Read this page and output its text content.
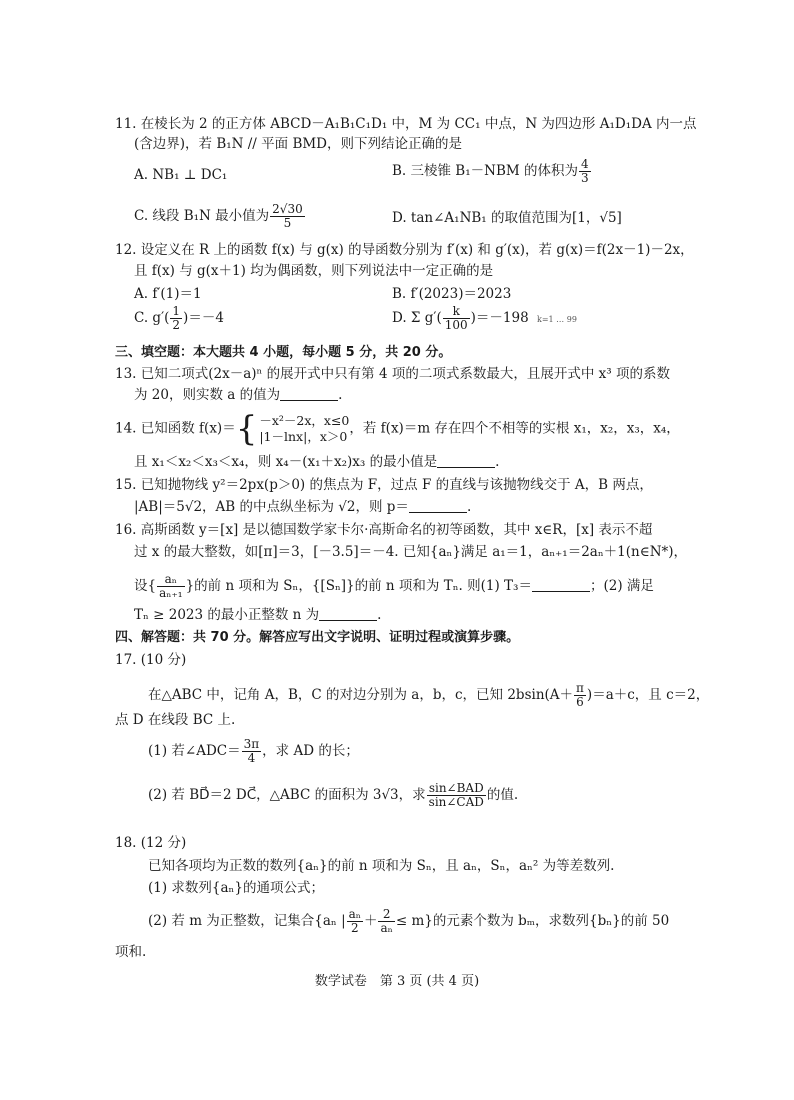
11. 在棱长为 2 的正方体 ABCD－A₁B₁C₁D₁ 中，M 为 CC₁ 中点，N 为四边形 A₁D₁DA 内一点
(含边界)，若 B₁N // 平面 BMD，则下列结论正确的是
A. NB₁ ⊥ DC₁	B. 三棱锥 B₁－NBM 的体积为 $\frac{4}{3}$
C. 线段 B₁N 最小值为 $\frac{2√30}{5}$	D. tan∠A₁NB₁ 的取值范围为[1，√5]
12. 设定义在 R 上的函数 f(x) 与 g(x) 的导函数分别为 f′(x) 和 g′(x)，若 g(x)＝f(2x－1)－2x，
且 f(x) 与 g(x＋1) 均为偶函数，则下列说法中一定正确的是
A. f′(1)＝1	B. f′(2023)＝2023
C. $g'( \frac{1}{2} )=-4$	D. Σ $g'( \frac{k}{100} )=-198$ k=1 … 99
三、填空题：本大题共 4 小题，每小题 5 分，共 20 分。
13. 已知二项式(2x－a)ⁿ 的展开式中只有第 4 项的二项式系数最大，且展开式中 x³ 项的系数
为 20，则实数 a 的值为	.
14. 已知函数 f(x)＝{ －x²－2x，x≤0
|1－lnx|，x＞0 ，若 f(x)＝m 存在四个不相等的实根 x₁，x₂，x₃，x₄，
且 x₁＜x₂＜x₃＜x₄，则 x₄－(x₁＋x₂)x₃ 的最小值是	.
15. 已知抛物线 y²＝2px(p＞0) 的焦点为 F，过点 F 的直线与该抛物线交于 A，B 两点，
|AB|＝5√2，AB 的中点纵坐标为 √2，则 p＝	.
16. 高斯函数 y＝[x] 是以德国数学家卡尔·高斯命名的初等函数，其中 x∈R，[x] 表示不超
过 x 的最大整数，如[π]＝3，[－3.5]＝－4. 已知{aₙ}满足 a₁＝1，aₙ₊₁＝2aₙ＋1(n∈N*)，
设{ $\frac{\text{aₙ}}{\text{aₙ₊₁}}$ }的前 n 项和为 Sₙ，{[Sₙ]}的前 n 项和为 Tₙ. 则(1) T₃＝	；(2) 满足
Tₙ ≥ 2023 的最小正整数 n 为	.
四、解答题：共 70 分。解答应写出文字说明、证明过程或演算步骤。
17. (10 分)
在△ABC 中，记角 A，B，C 的对边分别为 a，b，c，已知 $2bsin(A+ \frac{\pi}{6} )=a+c$，且 c＝2，
点 D 在线段 BC 上.
(1) 若∠ADC＝ $\frac{3\pi}{4}$ ，求 AD 的长；
(2) 若 BD⃗＝2 DC⃗，△ABC 的面积为 3√3，求 $\frac{\text{sin∠BAD}}{\text{sin∠CAD}}$ 的值.
18. (12 分)
已知各项均为正数的数列{aₙ}的前 n 项和为 Sₙ，且 aₙ，Sₙ，aₙ² 为等差数列.
(1) 求数列{aₙ}的通项公式；
(2) 若 m 为正整数，记集合{aₙ | $\frac{\text{aₙ}}{2} + \frac{2}{\text{aₙ}} \le m$}的元素个数为 bₘ，求数列{bₙ}的前 50
项和.
数学试卷　第 3 页 (共 4 页)
